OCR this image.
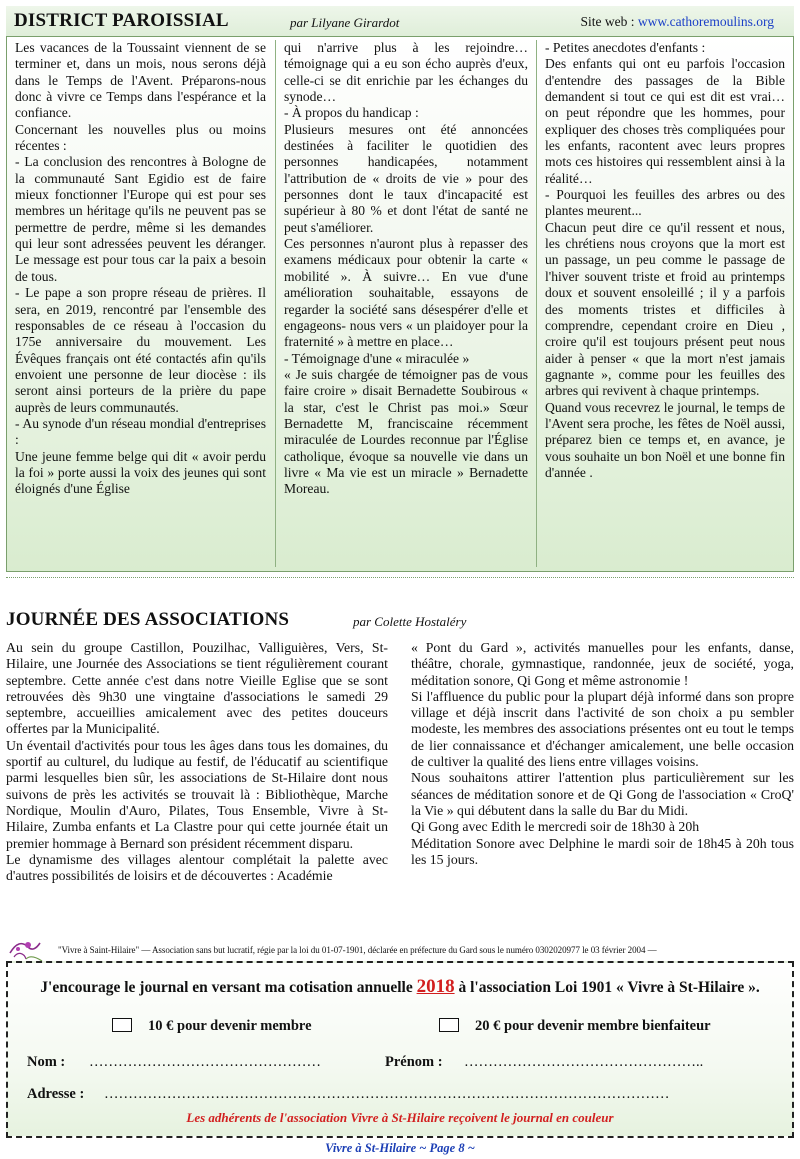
DISTRICT PAROISSIAL	par Lilyane Girardot	Site web : www.cathoremoulins.org

Les vacances de la Toussaint viennent de se terminer et, dans un mois, nous serons déjà dans le Temps de l'Avent. Préparons-nous donc à vivre ce Temps dans l'espérance et la confiance.

Concernant les nouvelles plus ou moins récentes :

- La conclusion des rencontres à Bologne de la communauté Sant Egidio est de faire mieux fonctionner l'Europe qui est pour ses membres un héritage qu'ils ne peuvent pas se permettre de perdre, même si les demandes qui leur sont adressées peuvent les déranger. Le message est pour tous car la paix a besoin de tous.

- Le pape a son propre réseau de prières. Il sera, en 2019, rencontré par l'ensemble des responsables de ce réseau à l'occasion du 175e anniversaire du mouvement. Les Évêques français ont été contactés afin qu'ils envoient une personne de leur diocèse : ils seront ainsi porteurs de la prière du pape auprès de leurs communautés.

- Au synode d'un réseau mondial d'entreprises :

Une jeune femme belge qui dit « avoir perdu la foi » porte aussi la voix des jeunes qui sont éloignés d'une Église

qui n'arrive plus à les rejoindre… témoignage qui a eu son écho auprès d'eux, celle-ci se dit enrichie par les échanges du synode…

- À propos du handicap :

Plusieurs mesures ont été annoncées destinées à faciliter le quotidien des personnes handicapées, notamment l'attribution de « droits de vie » pour des personnes dont le taux d'incapacité est supérieur à 80 % et dont l'état de santé ne peut s'améliorer.

Ces personnes n'auront plus à repasser des examens médicaux pour obtenir la carte « mobilité ». À suivre… En vue d'une amélioration souhaitable, essayons de regarder la société sans désespérer d'elle et engageons- nous vers « un plaidoyer pour la fraternité » à mettre en place…

- Témoignage d'une « miraculée »

« Je suis chargée de témoigner pas de vous faire croire » disait Bernadette Soubirous « la star, c'est le Christ pas moi.» Sœur Bernadette M, franciscaine récemment miraculée de Lourdes reconnue par l'Église catholique, évoque sa nouvelle vie dans un livre « Ma vie est un miracle » Bernadette Moreau.

- Petites anecdotes d'enfants :

Des enfants qui ont eu parfois l'occasion d'entendre des passages de la Bible demandent si tout ce qui est dit est vrai… on peut répondre que les hommes, pour expliquer des choses très compliquées pour les enfants, racontent avec leurs propres mots ces histoires qui ressemblent ainsi à la réalité…

- Pourquoi les feuilles des arbres ou des plantes meurent...

Chacun peut dire ce qu'il ressent et nous, les chrétiens nous croyons que la mort est un passage, un peu comme le passage de l'hiver souvent triste et froid au printemps doux et souvent ensoleillé ; il y a parfois des moments tristes et difficiles à comprendre, cependant croire en Dieu , croire qu'il est toujours présent peut nous aider à penser « que la mort n'est jamais gagnante », comme pour les feuilles des arbres qui revivent à chaque printemps.

Quand vous recevrez le journal, le temps de l'Avent sera proche, les fêtes de Noël aussi, préparez bien ce temps et, en avance, je vous souhaite un bon Noël et une bonne fin d'année .

JOURNÉE DES ASSOCIATIONS	par Colette Hostaléry

Au sein du groupe Castillon, Pouzilhac, Valliguières, Vers, St-Hilaire, une Journée des Associations se tient régulièrement courant septembre. Cette année c'est dans notre Vieille Eglise que se sont retrouvées dès 9h30 une vingtaine d'associations le samedi 29 septembre, accueillies amicalement avec des petites douceurs offertes par la Municipalité.

Un éventail d'activités pour tous les âges dans tous les domaines, du sportif au culturel, du ludique au festif, de l'éducatif au scientifique parmi lesquelles bien sûr, les associations de St-Hilaire dont nous suivons de près les activités se trouvait là : Bibliothèque, Marche Nordique, Moulin d'Auro, Pilates, Tous Ensemble, Vivre à St-Hilaire, Zumba enfants et La Clastre pour qui cette journée était un premier hommage à Bernard son président récemment disparu.

Le dynamisme des villages alentour complétait la palette avec d'autres possibilités de loisirs et de découvertes : Académie

« Pont du Gard », activités manuelles pour les enfants, danse, théâtre, chorale, gymnastique, randonnée, jeux de société, yoga, méditation sonore, Qi Gong et même astronomie !

Si l'affluence du public pour la plupart déjà informé dans son propre village et déjà inscrit dans l'activité de son choix a pu sembler modeste, les membres des associations présentes ont eu tout le temps de lier connaissance et d'échanger amicalement, une belle occasion de cultiver la qualité des liens entre villages voisins.

Nous souhaitons attirer l'attention plus particulièrement sur les séances de méditation sonore et de Qi Gong de l'association « CroQ' la Vie » qui débutent dans la salle du Bar du Midi.

Qi Gong avec Edith le mercredi soir de 18h30 à 20h

Méditation Sonore avec Delphine le mardi soir de 18h45 à 20h tous les 15 jours.

"Vivre à Saint-Hilaire" — Association sans but lucratif, régie par la loi du 01-07-1901, déclarée en préfecture du Gard sous le numéro 0302020977 le 03 février 2004 —
J'encourage le journal en versant ma cotisation annuelle 2018 à l'association Loi 1901 « Vivre à St-Hilaire ».
10 € pour devenir membre	20 € pour devenir membre bienfaiteur
Nom : …………………………………………	Prénom : …………………………………………..
Adresse : ………………………………………………………………………………………………………
Les adhérents de l'association Vivre à St-Hilaire reçoivent le journal en couleur
Vivre à St-Hilaire ~ Page 8 ~
